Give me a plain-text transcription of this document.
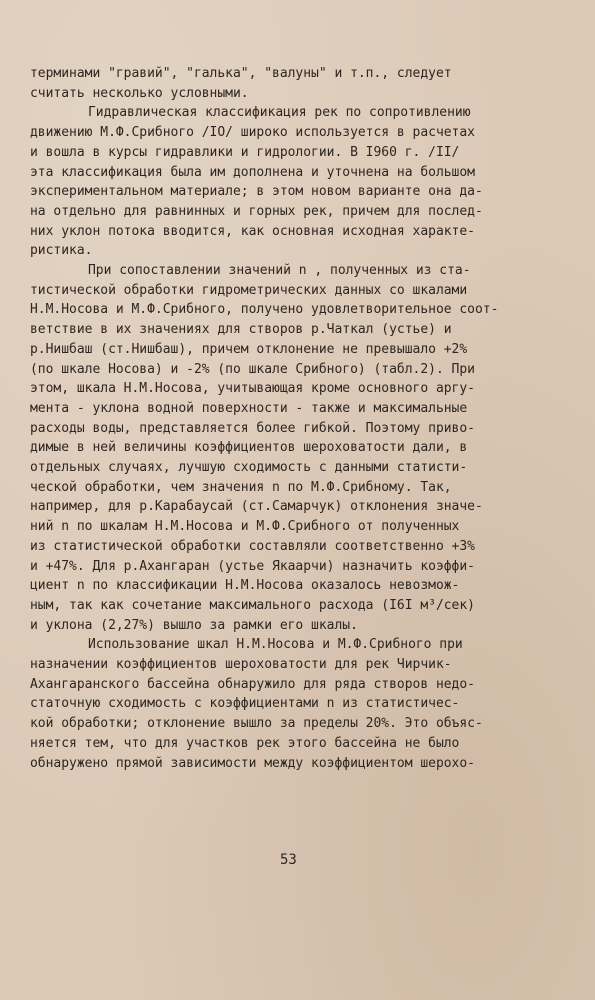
терминами "гравий", "галька", "валуны" и т.п., следует
считать несколько условными.
Гидравлическая классификация рек по сопротивлению
движению М.Ф.Срибного /IO/ широко используется в расчетах
и вошла в курсы гидравлики и гидрологии. В I960 г. /II/
эта классификация была им дополнена и уточнена на большом
экспериментальном материале; в этом новом варианте она да-
на отдельно для равнинных и горных рек, причем для послед-
них уклон потока вводится, как основная исходная характе-
ристика.
При сопоставлении значений n , полученных из ста-
тистической обработки гидрометрических данных со шкалами
Н.М.Носова и М.Ф.Срибного, получено удовлетворительное соот-
ветствие в их значениях для створов р.Чаткал (устье) и
р.Нишбаш (ст.Нишбаш), причем отклонение не превышало +2%
(по шкале Носова) и -2% (по шкале Срибного) (табл.2). При
этом, шкала Н.М.Носова, учитывающая кроме основного аргу-
мента - уклона водной поверхности - также и максимальные
расходы воды, представляется более гибкой. Поэтому приво-
димые в ней величины коэффициентов шероховатости дали, в
отдельных случаях, лучшую сходимость с данными статисти-
ческой обработки, чем значения n по М.Ф.Срибному. Так,
например, для р.Карабаусай (ст.Самарчук) отклонения значе-
ний n по шкалам Н.М.Носова и М.Ф.Срибного от полученных
из статистической обработки составляли соответственно +3%
и +47%. Для р.Ахангаран (устье Якаарчи) назначить коэффи-
циент n по классификации Н.М.Носова оказалось невозмож-
ным, так как сочетание максимального расхода (I6I м³/сек)
и уклона (2,27%) вышло за рамки его шкалы.
Использование шкал Н.М.Носова и М.Ф.Срибного при
назначении коэффициентов шероховатости для рек Чирчик-
Ахангаранского бассейна обнаружило для ряда створов недо-
статочную сходимость с коэффициентами n из статистичес-
кой обработки; отклонение вышло за пределы 20%. Это объяс-
няется тем, что для участков рек этого бассейна не было
обнаружено прямой зависимости между коэффициентом шерохо-
53
